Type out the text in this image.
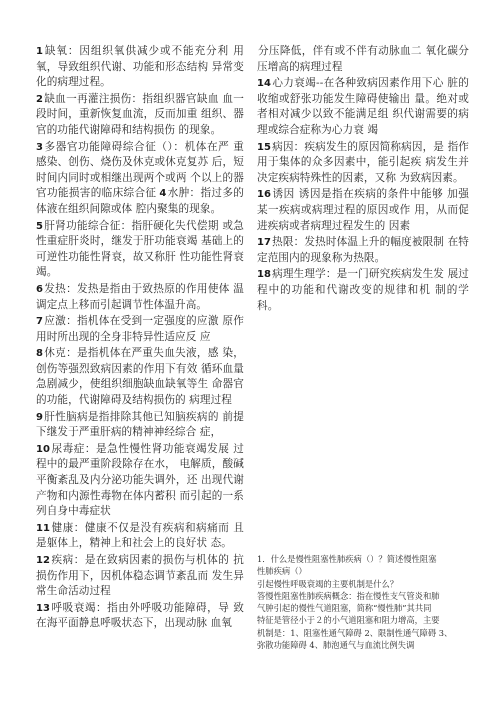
1缺氧：因组织氧供减少或不能充分利 用氧，导致组织代谢、功能和形态结构 异常变化的病理过程。

2缺血一再灌注损伤：指组织器官缺血 血一段时间，重新恢复血流，反而加重 组织、器官的功能代谢障碍和结构损伤 的现象。

3多器官功能障碍综合征（）：机体在严 重感染、创伤、烧伤及休克或休克复苏 后，短时间内同时或相继出现两个或两 个以上的器官功能损害的临床综合征 4水肿：指过多的体液在组织间隙或体 腔内聚集的现象。

5肝肾功能综合征：指肝硬化失代偿期 或急性重症肝炎时，继发于肝功能衰竭 基础上的可逆性功能性肾衰，故又称肝 性功能性肾衰竭。

6发热：发热是指由于致热原的作用使体 温调定点上移而引起调节性体温升高。

7应激：指机体在受到一定强度的应激 原作用时所出现的全身非特异性适应反 应

8休克：是指机体在严重失血失液，感 染，创伤等强烈致病因素的作用下有效 循环血量急剧减少，使组织细胞缺血缺氧等生 命器官的功能，代谢障碍及结构损伤的 病理过程

9肝性脑病是指排除其他已知脑疾病的 前提下继发于严重肝病的精神神经综合 症，

10尿毒症：是急性慢性肾功能衰竭发展 过程中的最严重阶段除存在水， 电解质，酸碱平衡紊乱及内分泌功能失调外，还 出现代谢产物和内源性毒物在体内蓄积 而引起的一系列自身中毒症状

11健康：健康不仅是没有疾病和病痛而 且是躯体上，精神上和社会上的良好状 态。

12疾病：是在致病因素的损伤与机体的 抗损伤作用下，因机体稳态调节紊乱而 发生异常生命活动过程

13呼吸衰竭：指由外呼吸功能障碍，导 致在海平面静息呼吸状态下，出现动脉 血氧

分压降低，伴有或不伴有动脉血二 氧化碳分压增高的病理过程

14心力衰竭--在各种致病因素作用下心 脏的收缩或舒张功能发生障碍使输出 量。绝对或者相对减少以致不能满足组 织代谢需要的病理或综合症称为心力衰 竭

15病因：疾病发生的原因简称病因，是 指作用于集体的众多因素中，能引起疾 病发生并决定疾病特殊性的因素，又称 为致病因素。

16诱因 诱因是指在疾病的条件中能够 加强某一疾病或病理过程的原因或作 用，从而促进疾病或者病理过程发生的 因素

17热限：发热时体温上升的幅度被限制 在特定范围内的现象称为热限。

18病理生理学：是一门研究疾病发生发 展过程中的功能和代谢改变的规律和机 制的学科。

1．什么是慢性阻塞性肺疾病（）？简述慢性阻塞

性肺疾病（）

引起慢性呼吸衰竭的主要机制是什么？

答慢性阻塞性肺疾病概念：指在慢性支气管炎和肺

气肿引起的慢性气道阻塞，简称“慢性肺”其共同

特征是管径小于２的小气道阻塞和阻力增高，主要

机制是：1、阻塞性通气障碍 2、限制性通气障碍 3、

弥散功能障碍 4、肺泡通气与血流比例失调
